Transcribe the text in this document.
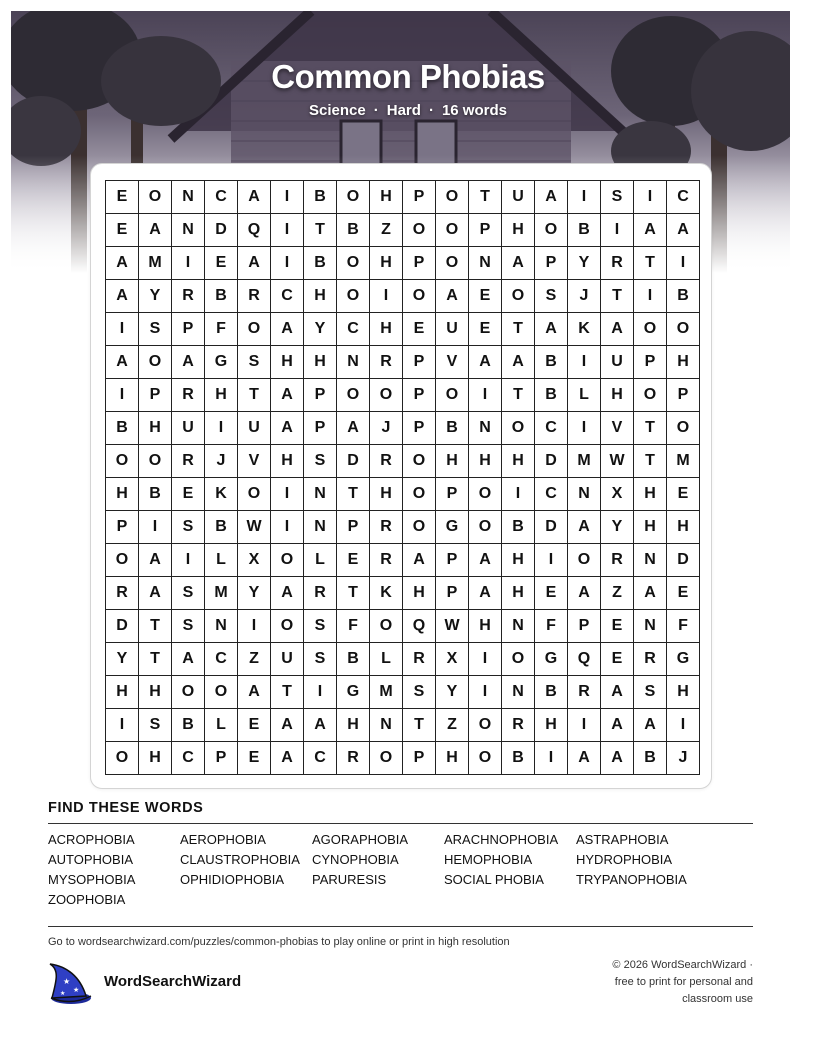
Common Phobias
Science · Hard · 16 words
E	O	N	C	A	I	B	O	H	P	O	T	U	A	I	S	I	C
E	A	N	D	Q	I	T	B	Z	O	O	P	H	O	B	I	A	A
A	M	I	E	A	I	B	O	H	P	O	N	A	P	Y	R	T	I
A	Y	R	B	R	C	H	O	I	O	A	E	O	S	J	T	I	B
I	S	P	F	O	A	Y	C	H	E	U	E	T	A	K	A	O	O
A	O	A	G	S	H	H	N	R	P	V	A	A	B	I	U	P	H
I	P	R	H	T	A	P	O	O	P	O	I	T	B	L	H	O	P
B	H	U	I	U	A	P	A	J	P	B	N	O	C	I	V	T	O
O	O	R	J	V	H	S	D	R	O	H	H	H	D	M	W	T	M
H	B	E	K	O	I	N	T	H	O	P	O	I	C	N	X	H	E
P	I	S	B	W	I	N	P	R	O	G	O	B	D	A	Y	H	H
O	A	I	L	X	O	L	E	R	A	P	A	H	I	O	R	N	D
R	A	S	M	Y	A	R	T	K	H	P	A	H	E	A	Z	A	E
D	T	S	N	I	O	S	F	O	Q	W	H	N	F	P	E	N	F
Y	T	A	C	Z	U	S	B	L	R	X	I	O	G	Q	E	R	G
H	H	O	O	A	T	I	G	M	S	Y	I	N	B	R	A	S	H
I	S	B	L	E	A	A	H	N	T	Z	O	R	H	I	A	A	I
O	H	C	P	E	A	C	R	O	P	H	O	B	I	A	A	B	J
FIND THESE WORDS
ACROPHOBIA	AEROPHOBIA	AGORAPHOBIA	ARACHNOPHOBIA	ASTRAPHOBIA
AUTOPHOBIA	CLAUSTROPHOBIA CYNOPHOBIA	HEMOPHOBIA	HYDROPHOBIA
MYSOPHOBIA	OPHIDIOPHOBIA	PARURESIS	SOCIAL PHOBIA	TRYPANOPHOBIA
ZOOPHOBIA
Go to wordsearchwizard.com/puzzles/common-phobias to play online or print in high resolution
★
★
★
WordSearchWizard
© 2026 WordSearchWizard ·
free to print for personal and
classroom use
